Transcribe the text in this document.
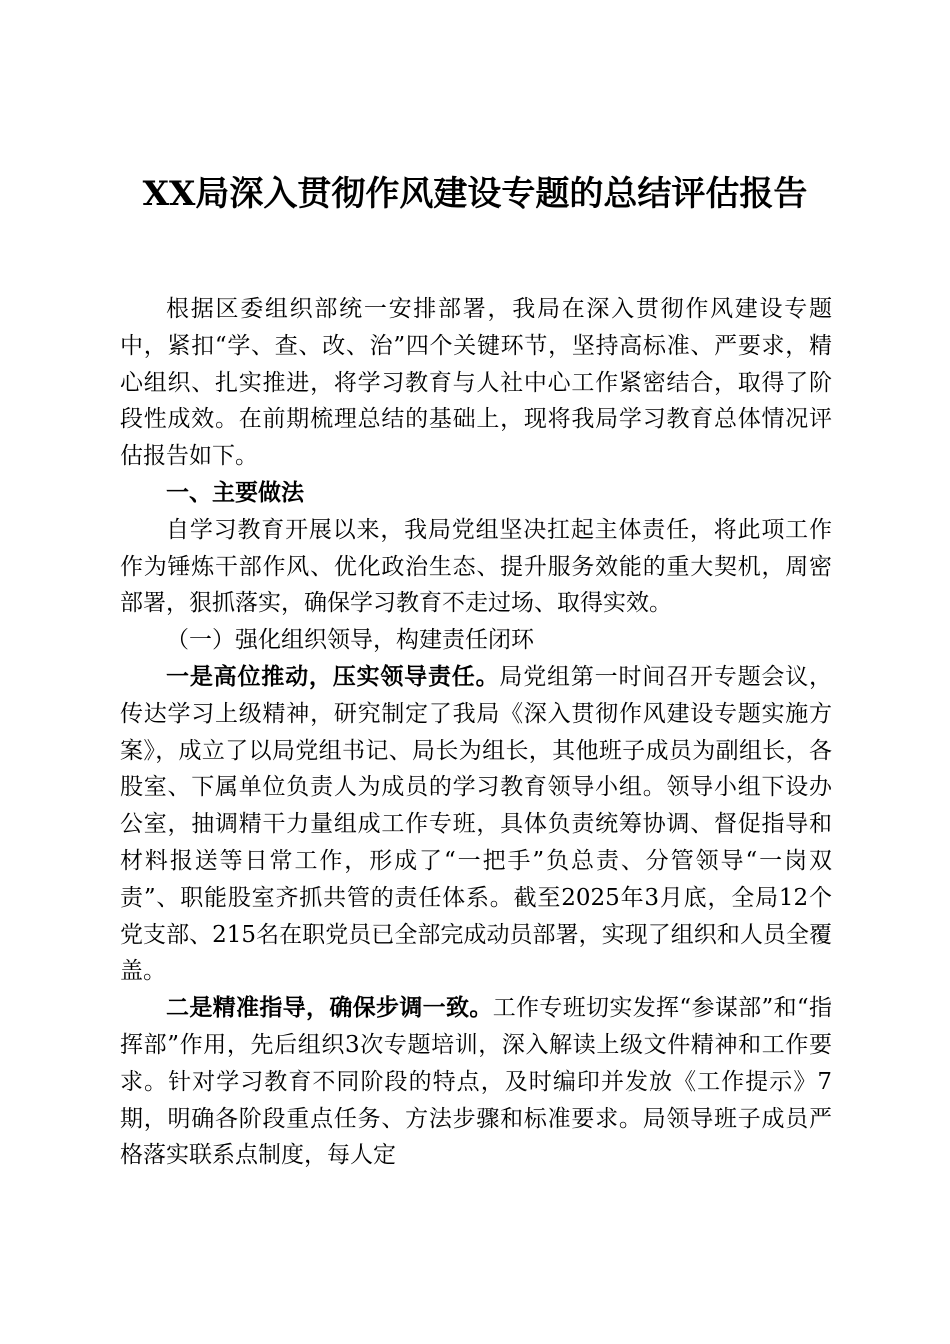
XX局深入贯彻作风建设专题的总结评估报告

根据区委组织部统一安排部署，我局在深入贯彻作风建设专题中，紧扣“学、查、改、治”四个关键环节，坚持高标准、严要求，精心组织、扎实推进，将学习教育与人社中心工作紧密结合，取得了阶段性成效。在前期梳理总结的基础上，现将我局学习教育总体情况评估报告如下。

一、主要做法

自学习教育开展以来，我局党组坚决扛起主体责任，将此项工作作为锤炼干部作风、优化政治生态、提升服务效能的重大契机，周密部署，狠抓落实，确保学习教育不走过场、取得实效。

（一）强化组织领导，构建责任闭环

一是高位推动，压实领导责任。局党组第一时间召开专题会议，传达学习上级精神，研究制定了我局《深入贯彻作风建设专题实施方案》，成立了以局党组书记、局长为组长，其他班子成员为副组长，各股室、下属单位负责人为成员的学习教育领导小组。领导小组下设办公室，抽调精干力量组成工作专班，具体负责统筹协调、督促指导和材料报送等日常工作，形成了“一把手”负总责、分管领导“一岗双责”、职能股室齐抓共管的责任体系。截至2025年3月底，全局12个党支部、215名在职党员已全部完成动员部署，实现了组织和人员全覆盖。

二是精准指导，确保步调一致。工作专班切实发挥“参谋部”和“指挥部”作用，先后组织3次专题培训，深入解读上级文件精神和工作要求。针对学习教育不同阶段的特点，及时编印并发放《工作提示》7期，明确各阶段重点任务、方法步骤和标准要求。局领导班子成员严格落实联系点制度，每人定
